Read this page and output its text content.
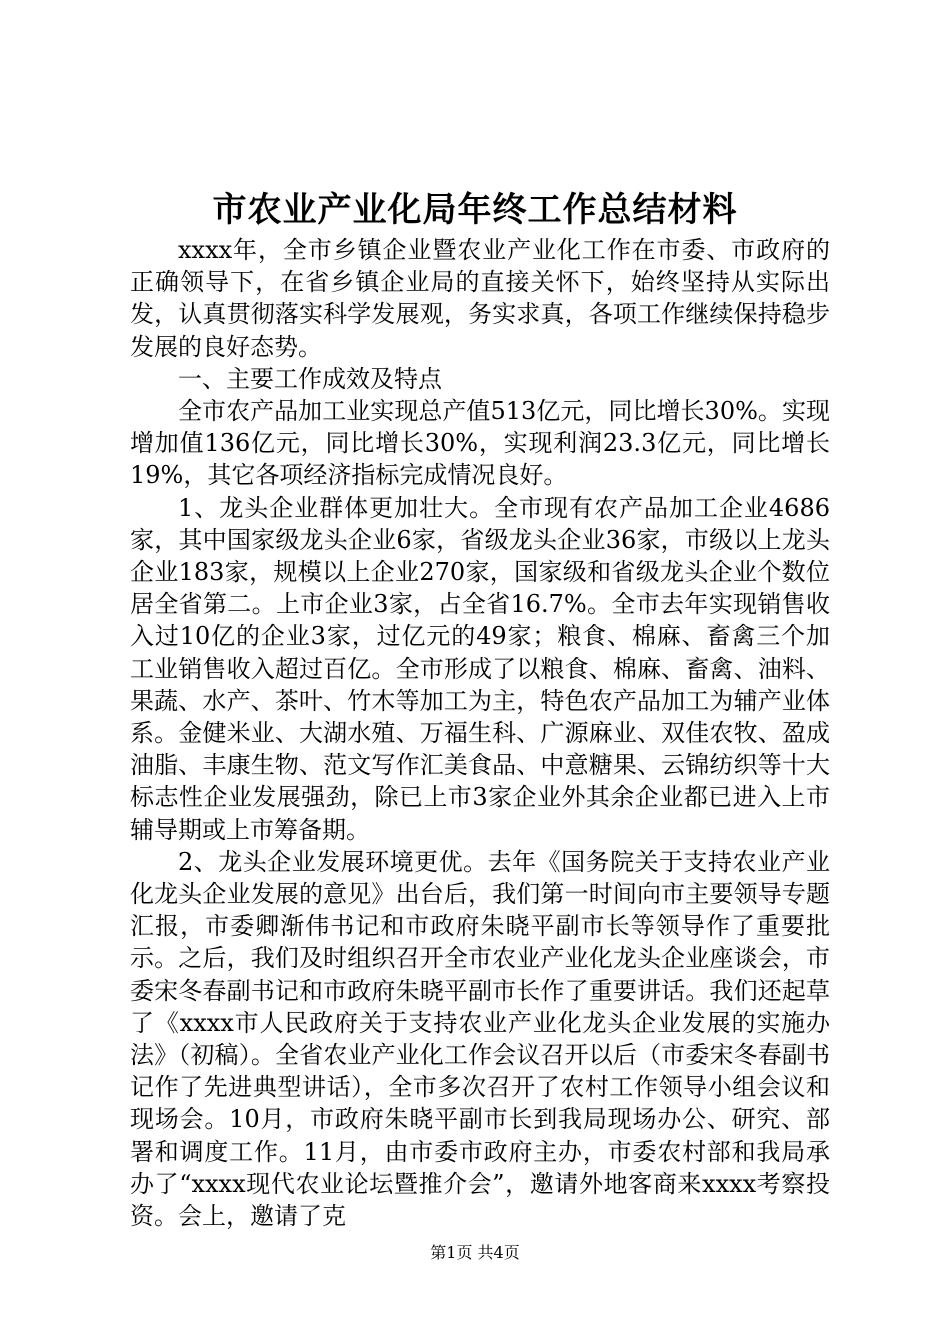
市农业产业化局年终工作总结材料

xxxx年，全市乡镇企业暨农业产业化工作在市委、市政府的正确领导下，在省乡镇企业局的直接关怀下，始终坚持从实际出发，认真贯彻落实科学发展观，务实求真，各项工作继续保持稳步发展的良好态势。

一、主要工作成效及特点

全市农产品加工业实现总产值513亿元，同比增长30%。实现增加值136亿元，同比增长30%，实现利润23.3亿元，同比增长19%，其它各项经济指标完成情况良好。

1、龙头企业群体更加壮大。全市现有农产品加工企业4686家，其中国家级龙头企业6家，省级龙头企业36家，市级以上龙头企业183家，规模以上企业270家，国家级和省级龙头企业个数位居全省第二。上市企业3家，占全省16.7%。全市去年实现销售收入过10亿的企业3家，过亿元的49家；粮食、棉麻、畜禽三个加工业销售收入超过百亿。全市形成了以粮食、棉麻、畜禽、油料、果蔬、水产、茶叶、竹木等加工为主，特色农产品加工为辅产业体系。金健米业、大湖水殖、万福生科、广源麻业、双佳农牧、盈成油脂、丰康生物、范文写作汇美食品、中意糖果、云锦纺织等十大标志性企业发展强劲，除已上市3家企业外其余企业都已进入上市辅导期或上市筹备期。

2、龙头企业发展环境更优。去年《国务院关于支持农业产业化龙头企业发展的意见》出台后，我们第一时间向市主要领导专题汇报，市委卿渐伟书记和市政府朱晓平副市长等领导作了重要批示。之后，我们及时组织召开全市农业产业化龙头企业座谈会，市委宋冬春副书记和市政府朱晓平副市长作了重要讲话。我们还起草了《xxxx市人民政府关于支持农业产业化龙头企业发展的实施办法》（初稿）。全省农业产业化工作会议召开以后（市委宋冬春副书记作了先进典型讲话），全市多次召开了农村工作领导小组会议和现场会。10月，市政府朱晓平副市长到我局现场办公、研究、部署和调度工作。11月，由市委市政府主办，市委农村部和我局承办了“xxxx现代农业论坛暨推介会”，邀请外地客商来xxxx考察投资。会上，邀请了克

第1页 共4页
